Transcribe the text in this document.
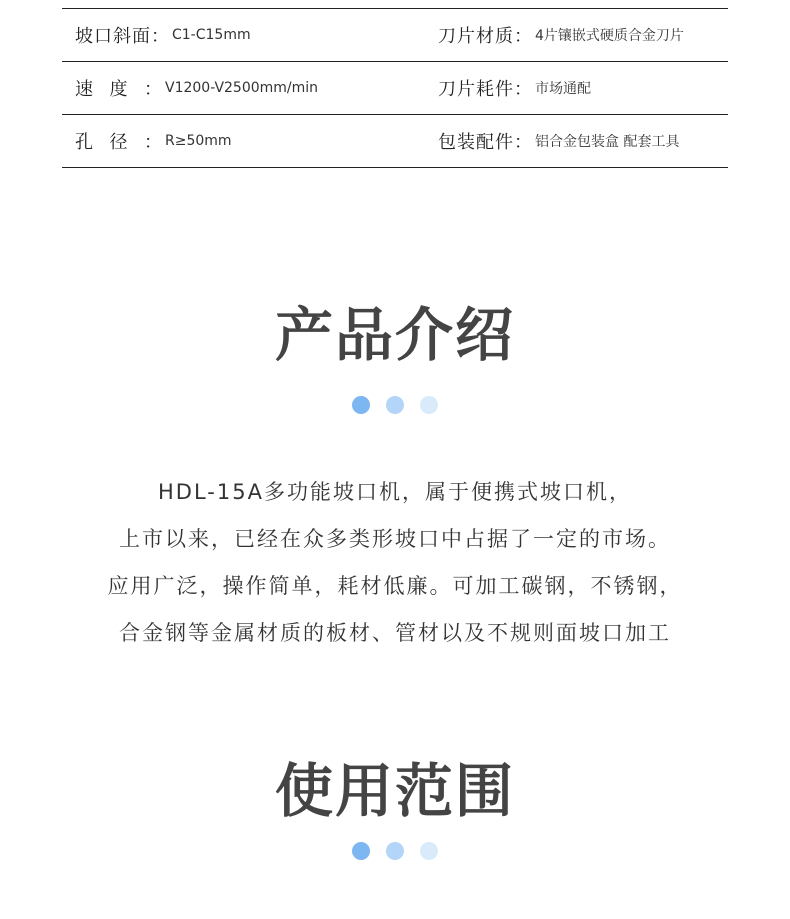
坡口斜面： C1-C15mm	刀片材质： 4片镶嵌式硬质合金刀片
速度： V1200-V2500mm/min	刀片耗件： 市场通配
孔径： R≥50mm	包装配件： 铝合金包装盒 配套工具
产品介绍
HDL-15A多功能坡口机，属于便携式坡口机，
上市以来，已经在众多类形坡口中占据了一定的市场。
应用广泛，操作简单，耗材低廉。可加工碳钢，不锈钢，
合金钢等金属材质的板材、管材以及不规则面坡口加工
使用范围
